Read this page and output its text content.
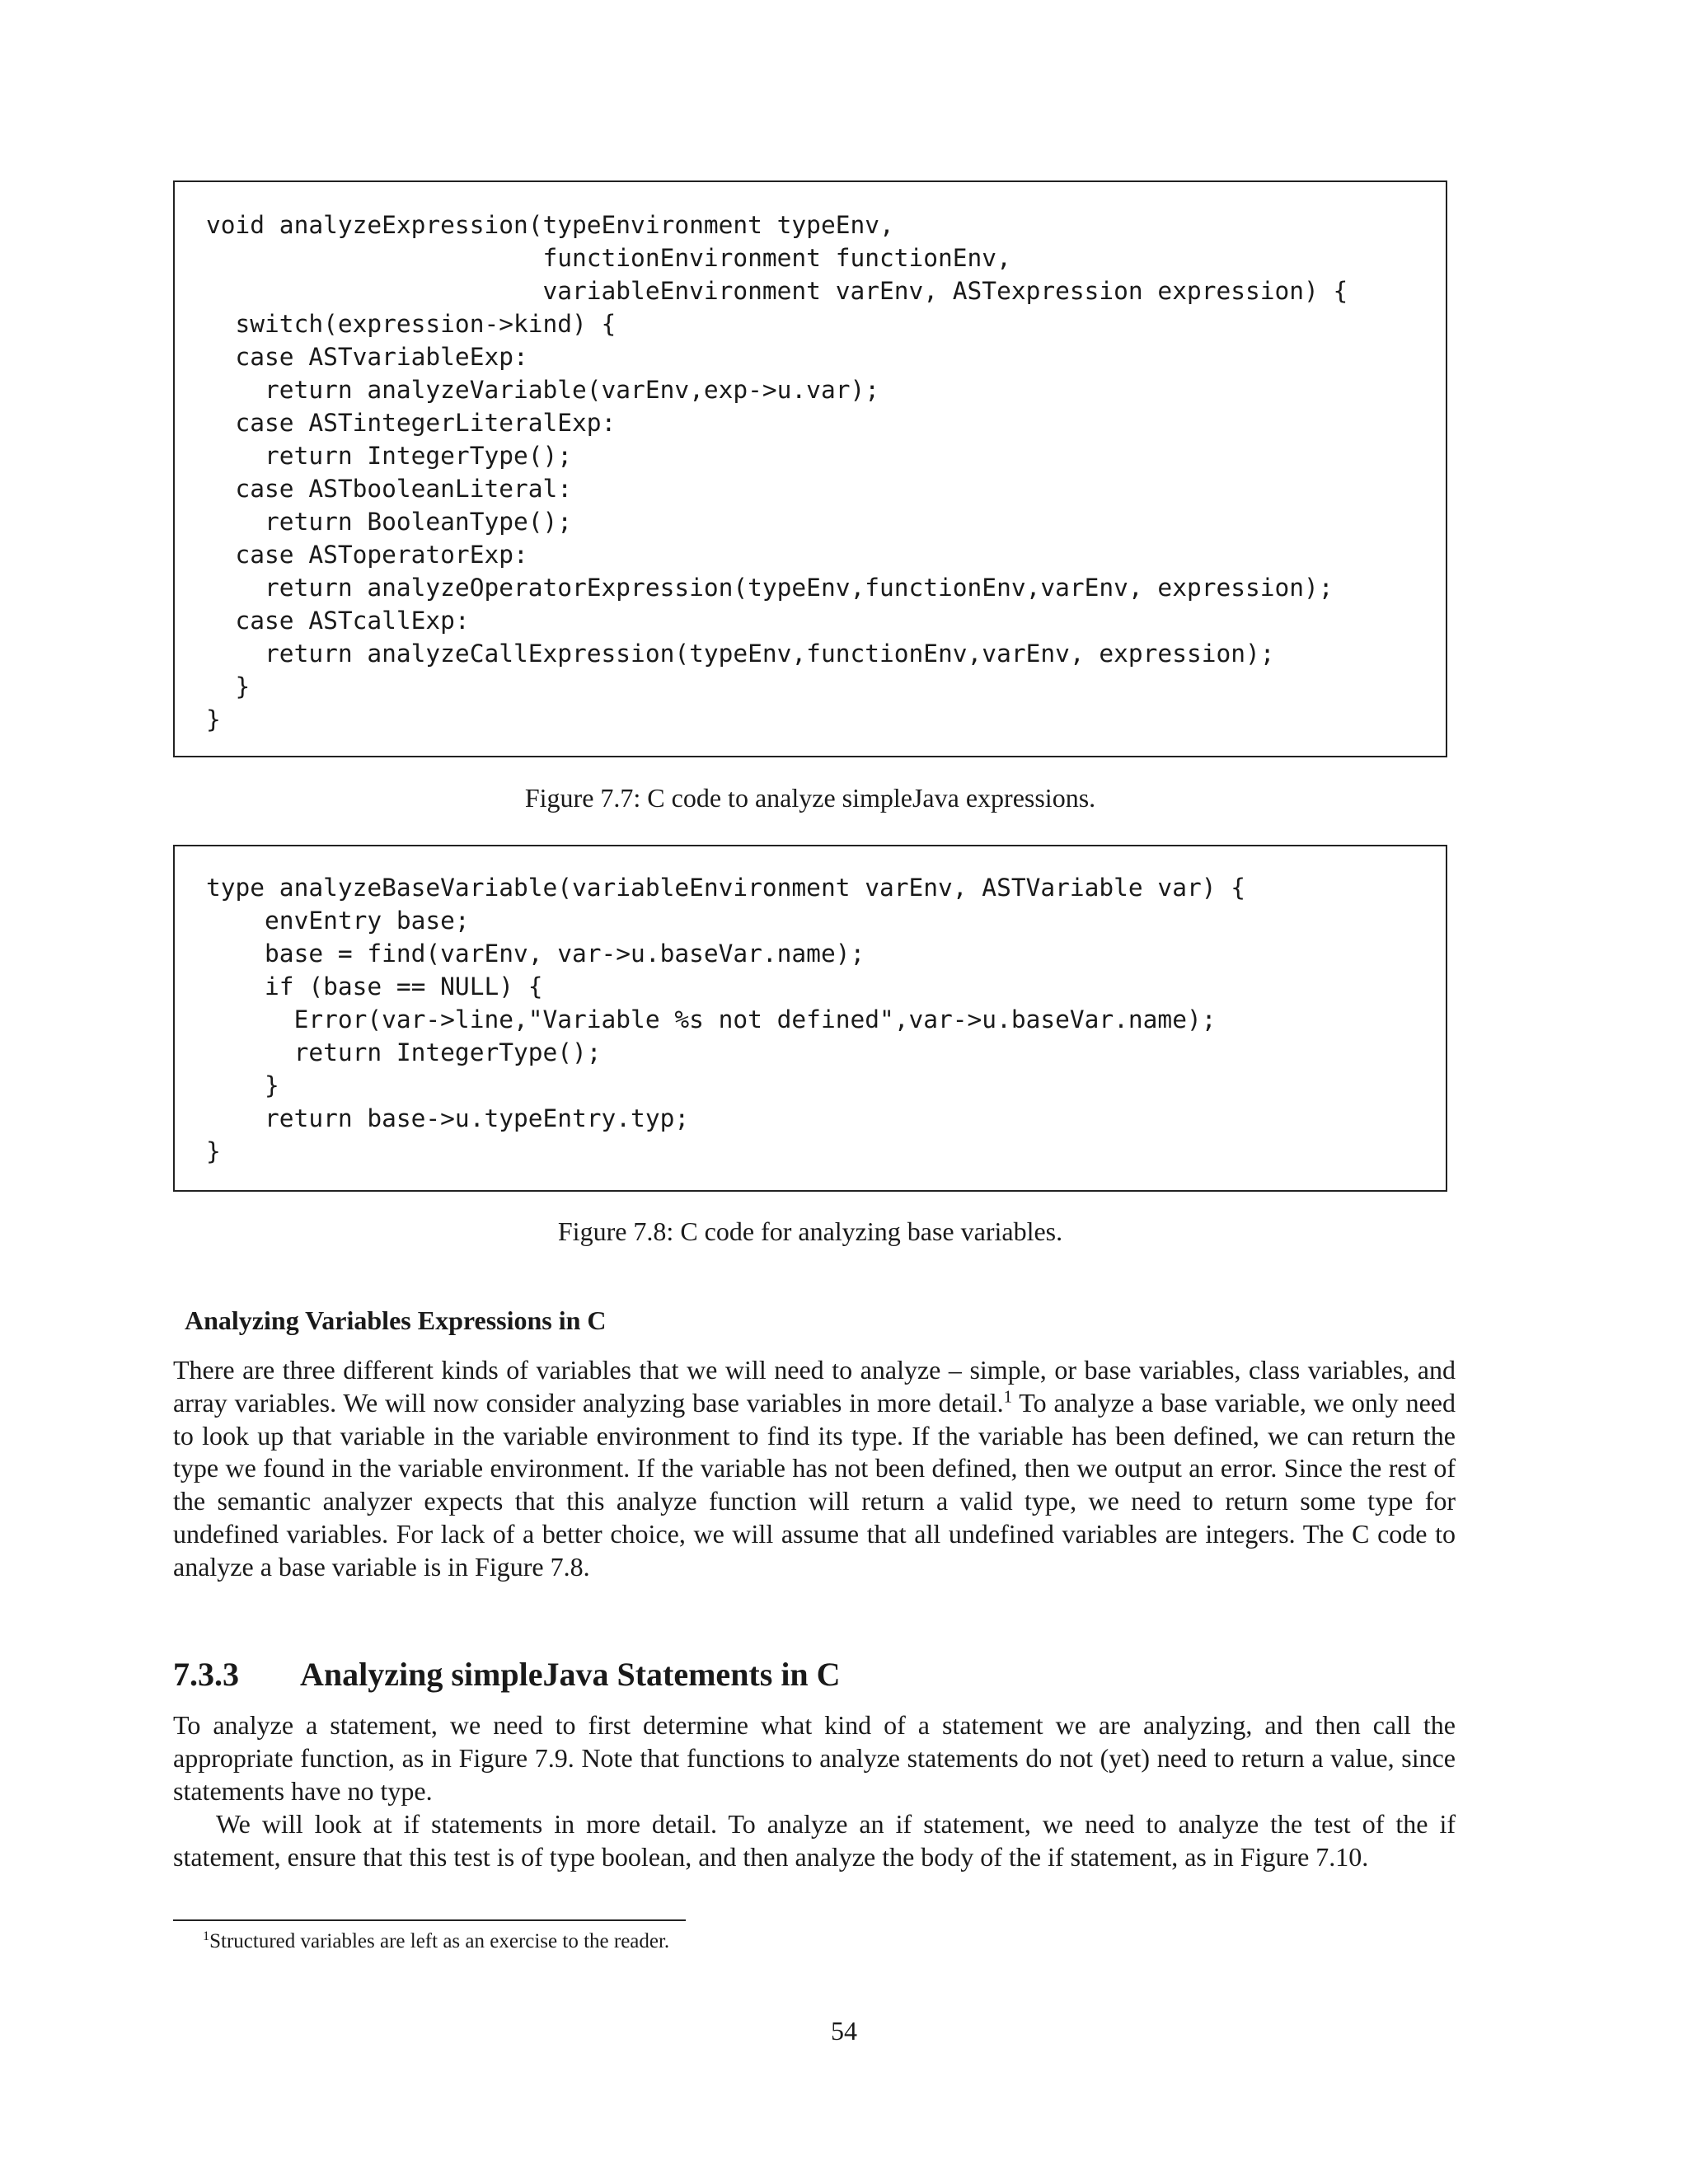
void analyzeExpression(typeEnvironment typeEnv,
functionEnvironment functionEnv,
variableEnvironment varEnv, ASTexpression expression) {
switch(expression->kind) {
case ASTvariableExp:
return analyzeVariable(varEnv,exp->u.var);
case ASTintegerLiteralExp:
return IntegerType();
case ASTbooleanLiteral:
return BooleanType();
case ASToperatorExp:
return analyzeOperatorExpression(typeEnv,functionEnv,varEnv, expression);
case ASTcallExp:
return analyzeCallExpression(typeEnv,functionEnv,varEnv, expression);
}
}
Figure 7.7: C code to analyze simpleJava expressions.
type analyzeBaseVariable(variableEnvironment varEnv, ASTVariable var) {
envEntry base;
base = find(varEnv, var->u.baseVar.name);
if (base == NULL) {
Error(var->line,"Variable %s not defined",var->u.baseVar.name);
return IntegerType();
}
return base->u.typeEntry.typ;
}
Figure 7.8: C code for analyzing base variables.
Analyzing Variables Expressions in C
There are three different kinds of variables that we will need to analyze – simple, or base variables, class variables, and array variables. We will now consider analyzing base variables in more detail.$^1$ To analyze a base variable, we only need to look up that variable in the variable environment to find its type. If the variable has been defined, we can return the type we found in the variable environment. If the variable has not been defined, then we output an error. Since the rest of the semantic analyzer expects that this analyze function will return a valid type, we need to return some type for undefined variables. For lack of a better choice, we will assume that all undefined variables are integers. The C code to analyze a base variable is in Figure 7.8.
7.3.3 Analyzing simpleJava Statements in C
To analyze a statement, we need to first determine what kind of a statement we are analyzing, and then call the appropriate function, as in Figure 7.9. Note that functions to analyze statements do not (yet) need to return a value, since statements have no type.
We will look at if statements in more detail. To analyze an if statement, we need to analyze the test of the if statement, ensure that this test is of type boolean, and then analyze the body of the if statement, as in Figure 7.10.
$^1$Structured variables are left as an exercise to the reader.
54
